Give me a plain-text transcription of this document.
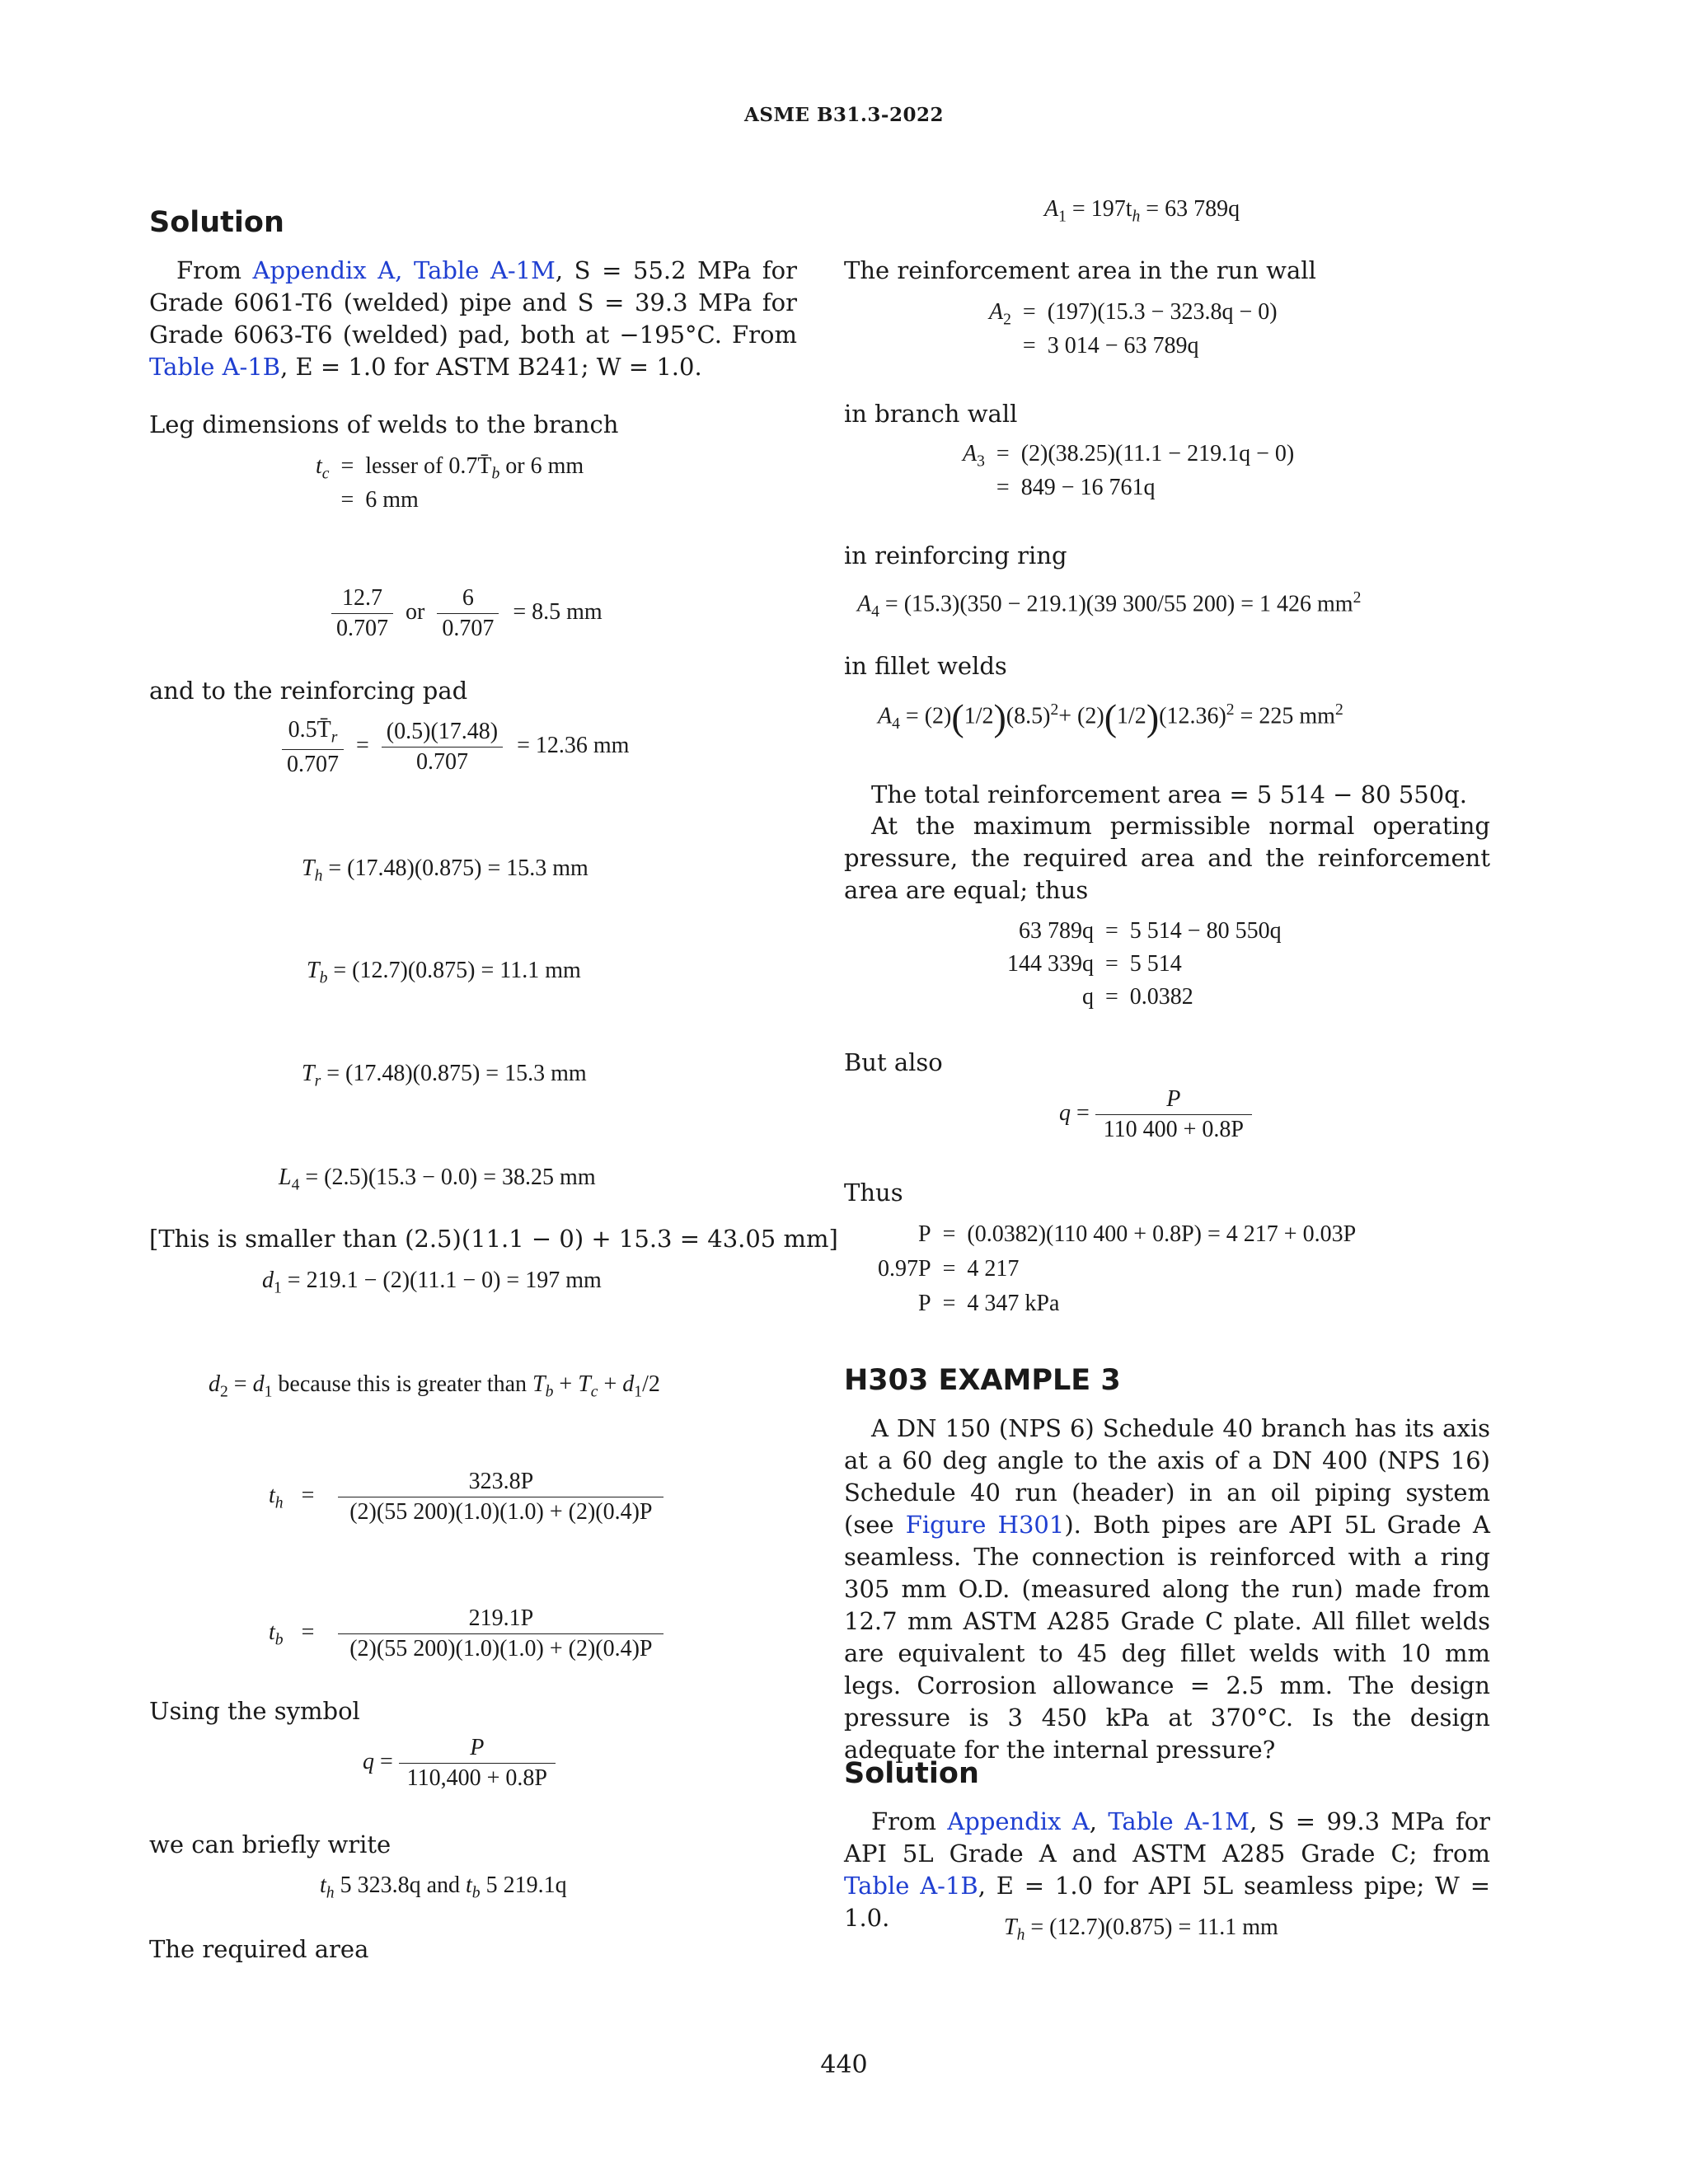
ASME B31.3-2022
Solution
From Appendix A, Table A-1M, S = 55.2 MPa for Grade 6061-T6 (welded) pipe and S = 39.3 MPa for Grade 6063-T6 (welded) pad, both at −195°C. From Table A-1B, E = 1.0 for ASTM B241; W = 1.0.
Leg dimensions of welds to the branch
$t_c$ = lesser of $0.7T̄_b$ or 6 mm
= 6 mm
$\frac{12.7}{0.707}$ or $\frac{6}{0.707} = 8.5$ mm
and to the reinforcing pad
$\frac{0.5T̄_r}{0.707} = \frac{(0.5)(17.48)}{0.707} = 12.36$ mm
$T_h = (17.48)(0.875) = 15.3$ mm
$T_b = (12.7)(0.875) = 11.1$ mm
$T_r = (17.48)(0.875) = 15.3$ mm
$L_4 = (2.5)(15.3 - 0.0) = 38.25$ mm
[This is smaller than (2.5)(11.1 − 0) + 15.3 = 43.05 mm]
$d_1 = 219.1 - (2)(11.1 - 0) = 197$ mm
$d_2 = d_1$ because this is greater than $T_b + T_c + d_1/2$
$t_h = \frac{323.8P}{(2)(55 200)(1.0)(1.0) + (2)(0.4)P}$
$t_b = \frac{219.1P}{(2)(55 200)(1.0)(1.0) + (2)(0.4)P}$
Using the symbol
$q = \frac{P}{110,400 + 0.8P}$
we can briefly write
$t_h$ 5 323.8q and $t_b$ 5 219.1q
The required area
$A_1 = 197t_h = 63$ 789q
The reinforcement area in the run wall
$A_2 = (197)(15.3 - 323.8q - 0)$
= 3 014 − 63 789q
in branch wall
$A_3 = (2)(38.25)(11.1 - 219.1q - 0)$
= 849 − 16 761q
in reinforcing ring
$A_4 = (15.3)(350 - 219.1)(39$ 300/55 200) = 1 426 $mm^2$
in fillet welds
$A_4 = (2)(1/2)(8.5)^2+ (2)(1/2)(12.36)^2 = 225$ $mm^2$
The total reinforcement area = 5 514 − 80 550q.
At the maximum permissible normal operating pressure, the required area and the reinforcement area are equal; thus
63 789q = 5 514 − 80 550q
144 339q = 5 514
q = 0.0382
But also
$q = \frac{P}{110 400 + 0.8P}$
Thus
P = (0.0382)(110 400 + 0.8P) = 4 217 + 0.03P
0.97P = 4 217
P = 4 347 kPa
H303 EXAMPLE 3
A DN 150 (NPS 6) Schedule 40 branch has its axis at a 60 deg angle to the axis of a DN 400 (NPS 16) Schedule 40 run (header) in an oil piping system (see Figure H301). Both pipes are API 5L Grade A seamless. The connection is reinforced with a ring 305 mm O.D. (measured along the run) made from 12.7 mm ASTM A285 Grade C plate. All fillet welds are equivalent to 45 deg fillet welds with 10 mm legs. Corrosion allowance = 2.5 mm. The design pressure is 3 450 kPa at 370°C. Is the design adequate for the internal pressure?
Solution
From Appendix A, Table A-1M, S = 99.3 MPa for API 5L Grade A and ASTM A285 Grade C; from Table A-1B, E = 1.0 for API 5L seamless pipe; W = 1.0.	$T_h = (12.7)(0.875) = 11.1$ mm
440
